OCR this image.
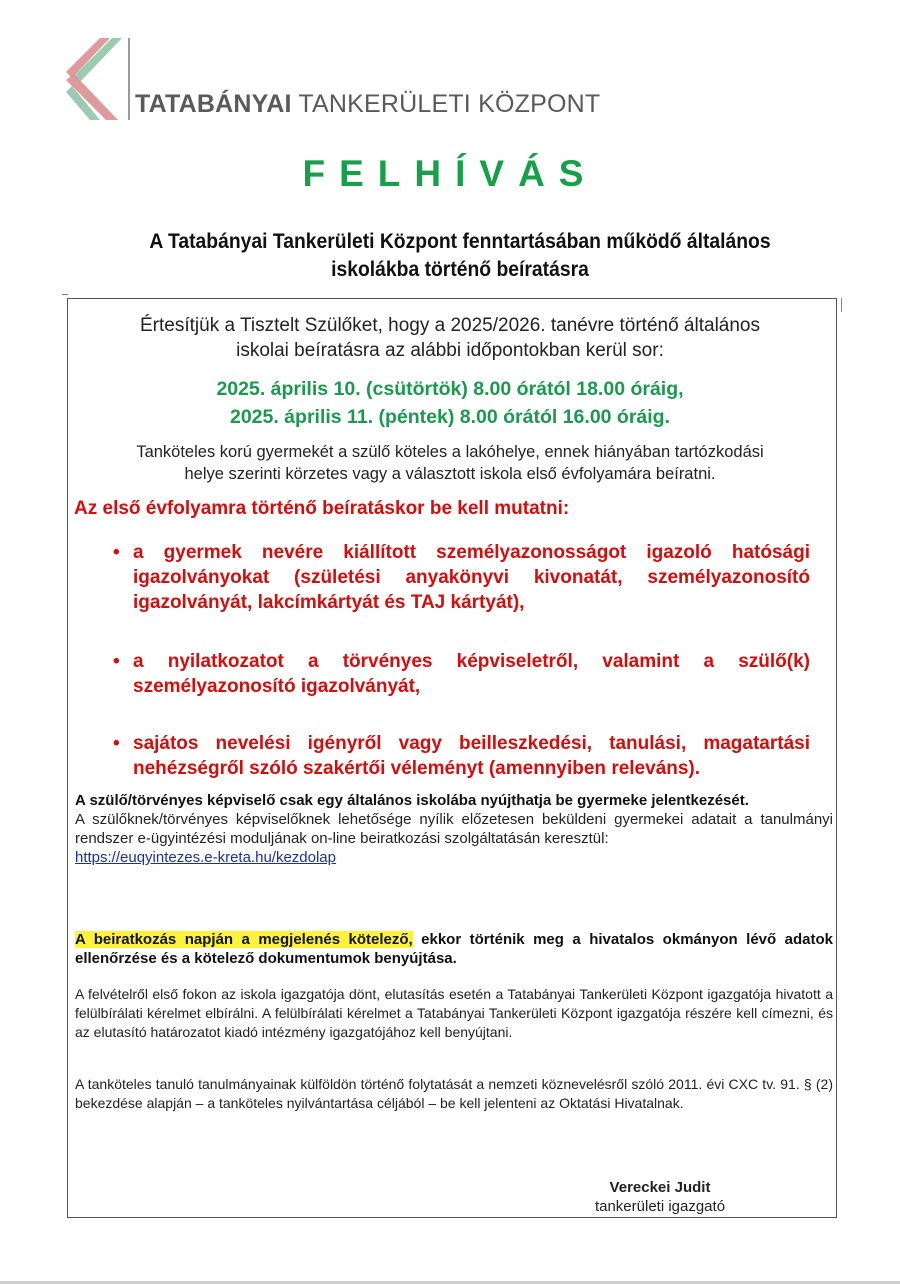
TATABÁNYAI TANKERÜLETI KÖZPONT
FELHÍVÁS
A Tatabányai Tankerületi Központ fenntartásában működő általános
iskolákba történő beíratásra
Értesítjük a Tisztelt Szülőket, hogy a 2025/2026. tanévre történő általános
iskolai beíratásra az alábbi időpontokban kerül sor:
2025. április 10. (csütörtök) 8.00 órától 18.00 óráig,
2025. április 11. (péntek) 8.00 órától 16.00 óráig.
Tanköteles korú gyermekét a szülő köteles a lakóhelye, ennek hiányában tartózkodási
helye szerinti körzetes vagy a választott iskola első évfolyamára beíratni.
Az első évfolyamra történő beíratáskor be kell mutatni:
• a gyermek nevére kiállított személyazonosságot igazoló hatósági igazolványokat (születési anyakönyvi kivonatát, személyazonosító igazolványát, lakcímkártyát és TAJ kártyát),
• a nyilatkozatot a törvényes képviseletről, valamint a szülő(k) személyazonosító igazolványát,
• sajátos nevelési igényről vagy beilleszkedési, tanulási, magatartási nehézségről szóló szakértői véleményt (amennyiben releváns).
A szülő/törvényes képviselő csak egy általános iskolába nyújthatja be gyermeke jelentkezését.
A szülőknek/törvényes képviselőknek lehetősége nyílik előzetesen beküldeni gyermekei adatait a tanulmányi rendszer e-ügyintézési moduljának on-line beiratkozási szolgáltatásán keresztül:
https://euqyintezes.e-kreta.hu/kezdolap
A beiratkozás napján a megjelenés kötelező, ekkor történik meg a hivatalos okmányon lévő adatok ellenőrzése és a kötelező dokumentumok benyújtása.
A felvételről első fokon az iskola igazgatója dönt, elutasítás esetén a Tatabányai Tankerületi Központ igazgatója hivatott a felülbírálati kérelmet elbírálni. A felülbírálati kérelmet a Tatabányai Tankerületi Központ igazgatója részére kell címezni, és az elutasító határozatot kiadó intézmény igazgatójához kell benyújtani.
A tanköteles tanuló tanulmányainak külföldön történő folytatását a nemzeti köznevelésről szóló 2011. évi CXC tv. 91. § (2) bekezdése alapján – a tanköteles nyilvántartása céljából – be kell jelenteni az Oktatási Hivatalnak.
Vereckei Judit
tankerületi igazgató
